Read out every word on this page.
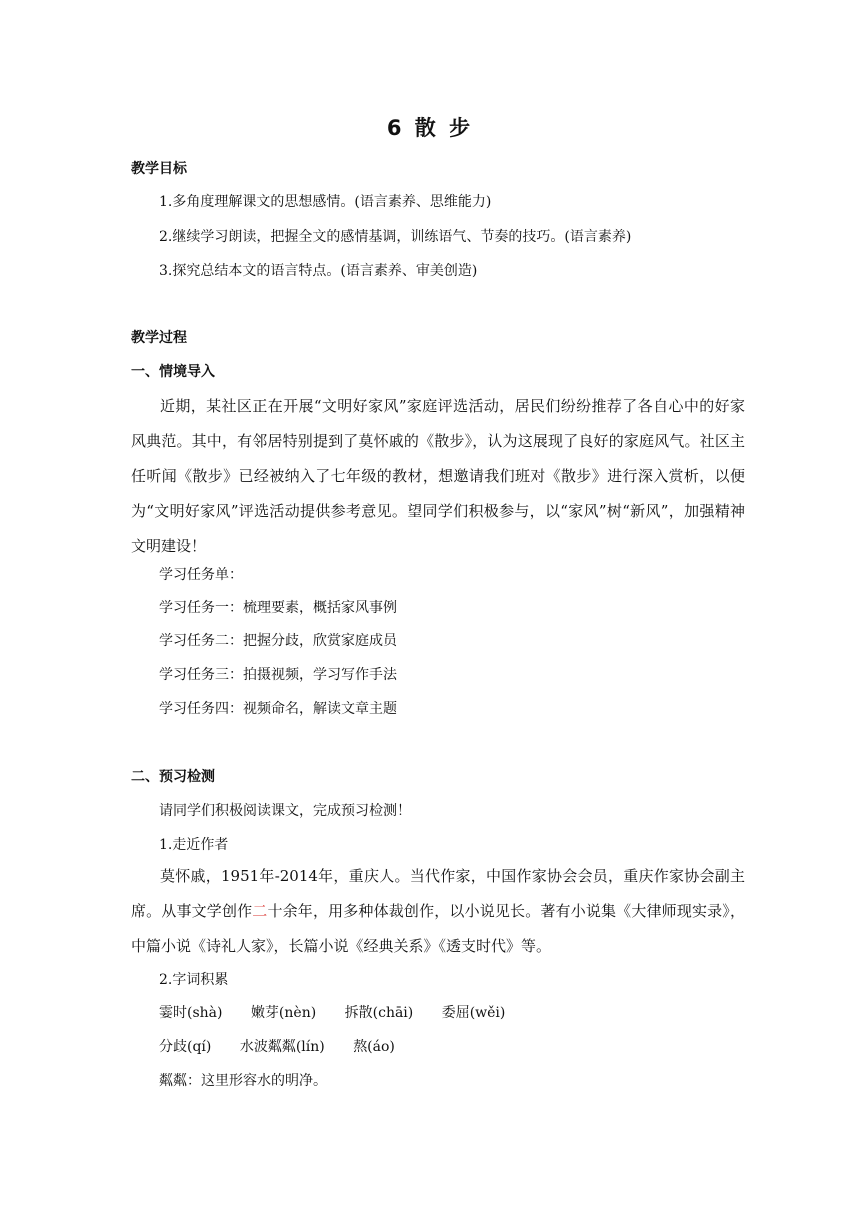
6 散 步
教学目标
1.多角度理解课文的思想感情。(语言素养、思维能力)
2.继续学习朗读，把握全文的感情基调，训练语气、节奏的技巧。(语言素养)
3.探究总结本文的语言特点。(语言素养、审美创造)
教学过程
一、情境导入
近期，某社区正在开展“文明好家风”家庭评选活动，居民们纷纷推荐了各自心中的好家风典范。其中，有邻居特别提到了莫怀戚的《散步》，认为这展现了良好的家庭风气。社区主任听闻《散步》已经被纳入了七年级的教材，想邀请我们班对《散步》进行深入赏析，以便为“文明好家风”评选活动提供参考意见。望同学们积极参与，以“家风”树“新风”，加强精神文明建设！
学习任务单：
学习任务一：梳理要素，概括家风事例
学习任务二：把握分歧，欣赏家庭成员
学习任务三：拍摄视频，学习写作手法
学习任务四：视频命名，解读文章主题
二、预习检测
请同学们积极阅读课文，完成预习检测！
1.走近作者
莫怀戚，1951年-2014年，重庆人。当代作家，中国作家协会会员，重庆作家协会副主席。从事文学创作二十余年，用多种体裁创作，以小说见长。著有小说集《大律师现实录》，中篇小说《诗礼人家》，长篇小说《经典关系》《透支时代》等。
2.字词积累
霎时(shà) 嫩芽(nèn) 拆散(chāi) 委屈(wěi)
分歧(qí) 水波粼粼(lín) 熬(áo)
粼粼：这里形容水的明净。
